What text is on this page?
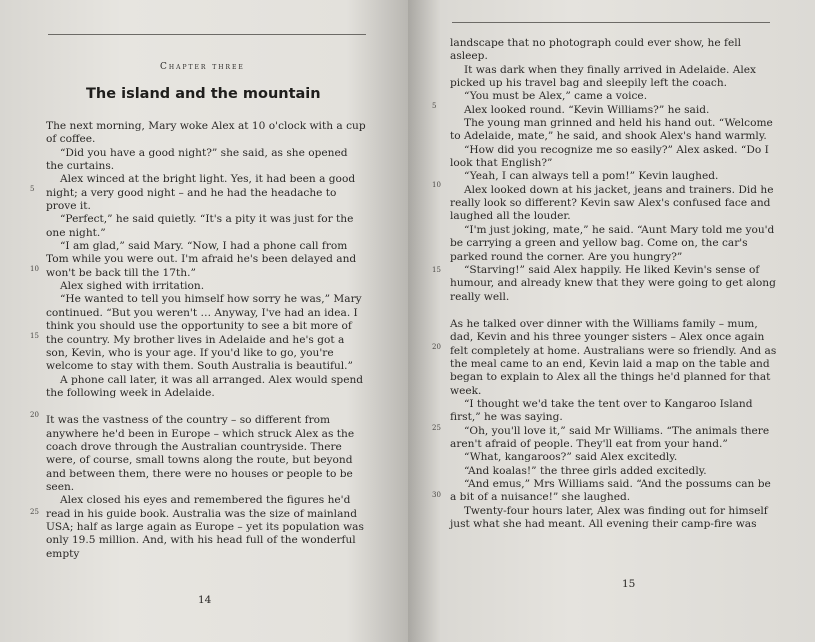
Chapter three
The island and the mountain

The next morning, Mary woke Alex at 10 o'clock with a cup of coffee.

“Did you have a good night?” she said, as she opened the curtains.

Alex winced at the bright light. Yes, it had been a good night; a very good night – and he had the headache to prove it.

“Perfect,” he said quietly. “It's a pity it was just for the one night.”

“I am glad,” said Mary. “Now, I had a phone call from Tom while you were out. I'm afraid he's been delayed and won't be back till the 17th.”

Alex sighed with irritation.

“He wanted to tell you himself how sorry he was,” Mary continued. “But you weren't … Anyway, I've had an idea. I think you should use the opportunity to see a bit more of the country. My brother lives in Adelaide and he's got a son, Kevin, who is your age. If you'd like to go, you're welcome to stay with them. South Australia is beautiful.”

A phone call later, it was all arranged. Alex would spend the following week in Adelaide.

It was the vastness of the country – so different from anywhere he'd been in Europe – which struck Alex as the coach drove through the Australian countryside. There were, of course, small towns along the route, but beyond and between them, there were no houses or people to be seen.

Alex closed his eyes and remembered the figures he'd read in his guide book. Australia was the size of mainland USA; half as large again as Europe – yet its population was only 19.5 million. And, with his head full of the wonderful empty

5
10
15
20
25
14

landscape that no photograph could ever show, he fell asleep.

It was dark when they finally arrived in Adelaide. Alex picked up his travel bag and sleepily left the coach.

“You must be Alex,” came a voice.

Alex looked round. “Kevin Williams?” he said.

The young man grinned and held his hand out. “Welcome to Adelaide, mate,” he said, and shook Alex's hand warmly.

“How did you recognize me so easily?” Alex asked. “Do I look that English?”

“Yeah, I can always tell a pom!” Kevin laughed.

Alex looked down at his jacket, jeans and trainers. Did he really look so different? Kevin saw Alex's confused face and laughed all the louder.

“I'm just joking, mate,” he said. “Aunt Mary told me you'd be carrying a green and yellow bag. Come on, the car's parked round the corner. Are you hungry?”

“Starving!” said Alex happily. He liked Kevin's sense of humour, and already knew that they were going to get along really well.

As he talked over dinner with the Williams family – mum, dad, Kevin and his three younger sisters – Alex once again felt completely at home. Australians were so friendly. And as the meal came to an end, Kevin laid a map on the table and began to explain to Alex all the things he'd planned for that week.

“I thought we'd take the tent over to Kangaroo Island first,” he was saying.

“Oh, you'll love it,” said Mr Williams. “The animals there aren't afraid of people. They'll eat from your hand.”

“What, kangaroos?” said Alex excitedly.

“And koalas!” the three girls added excitedly.

“And emus,” Mrs Williams said. “And the possums can be a bit of a nuisance!” she laughed.

Twenty-four hours later, Alex was finding out for himself just what she had meant. All evening their camp-fire was

5
10
15
20
25
30
15
